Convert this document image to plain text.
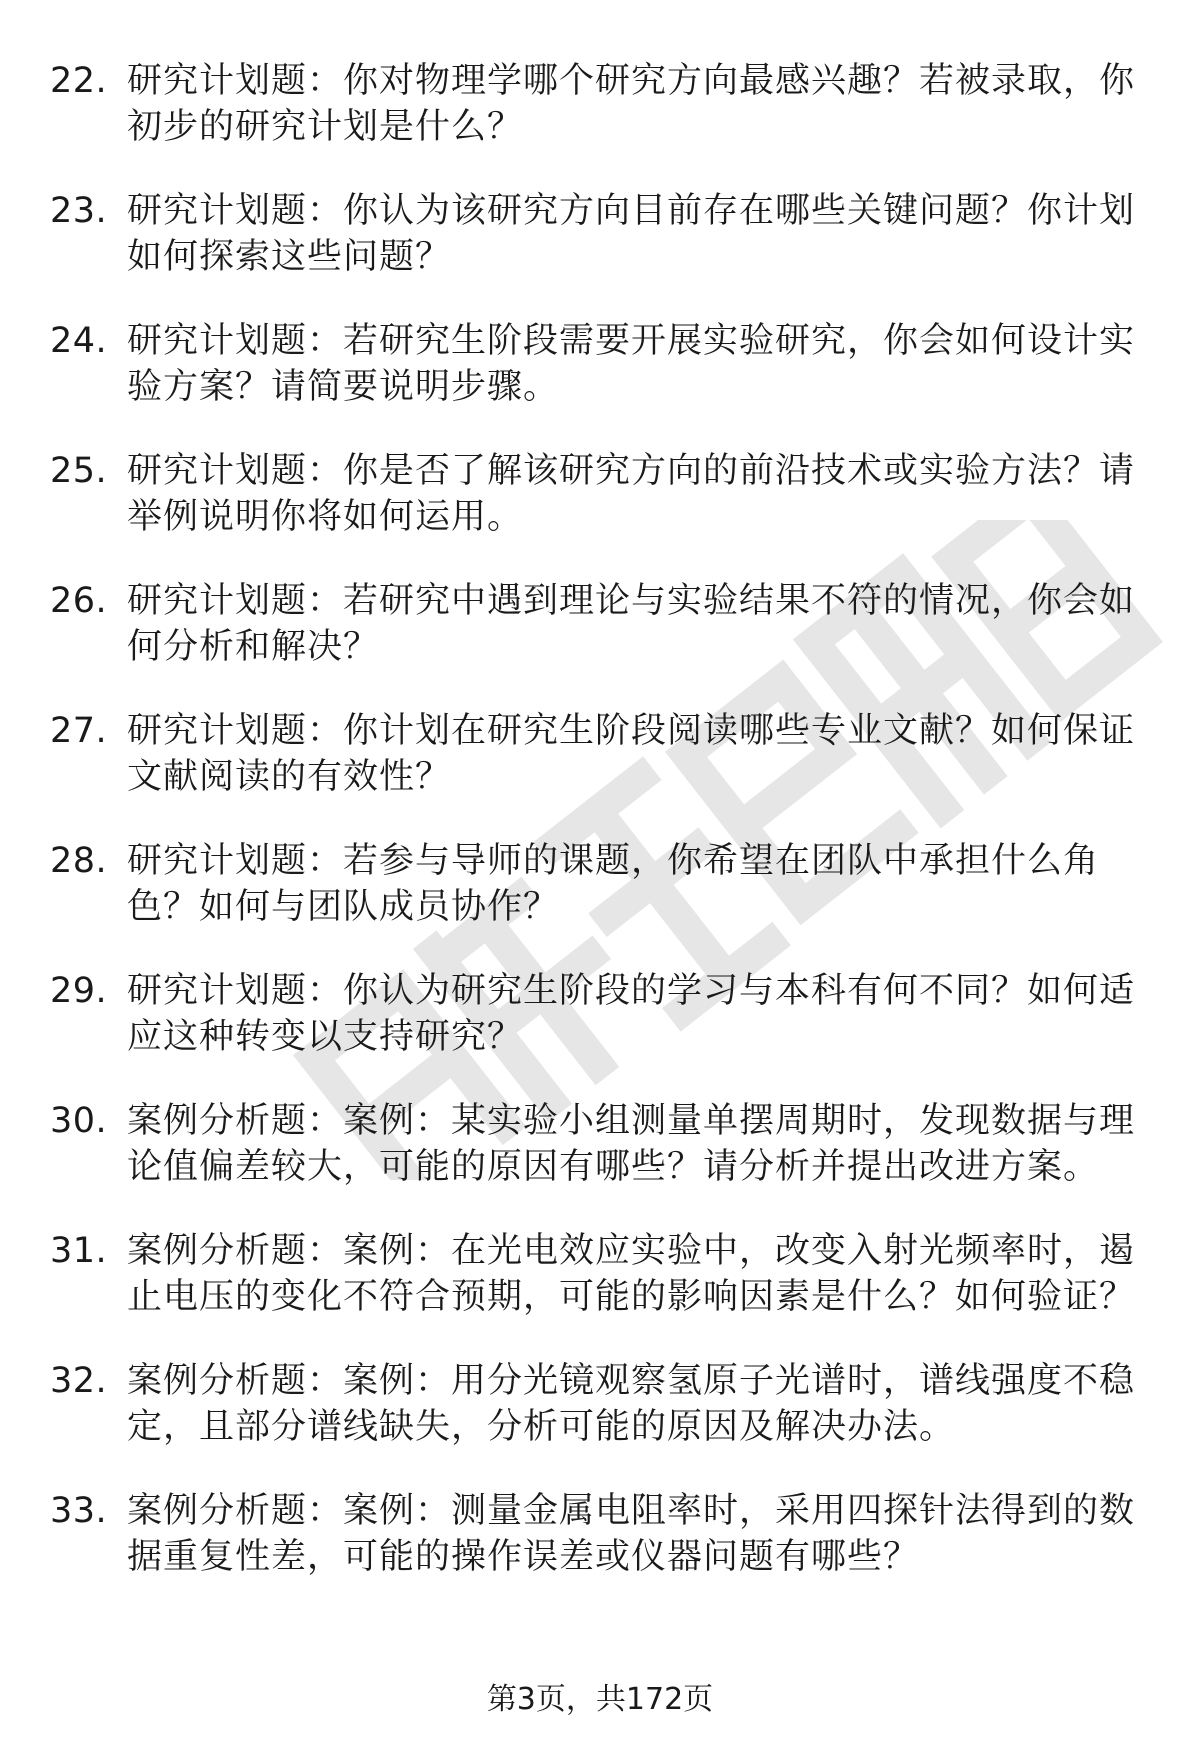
22. 研究计划题：你对物理学哪个研究方向最感兴趣？若被录取，你初步的研究计划是什么？
23. 研究计划题：你认为该研究方向目前存在哪些关键问题？你计划如何探索这些问题？
24. 研究计划题：若研究生阶段需要开展实验研究，你会如何设计实验方案？请简要说明步骤。
25. 研究计划题：你是否了解该研究方向的前沿技术或实验方法？请举例说明你将如何运用。
26. 研究计划题：若研究中遇到理论与实验结果不符的情况，你会如何分析和解决？
27. 研究计划题：你计划在研究生阶段阅读哪些专业文献？如何保证文献阅读的有效性？
28. 研究计划题：若参与导师的课题，你希望在团队中承担什么角色？如何与团队成员协作？
29. 研究计划题：你认为研究生阶段的学习与本科有何不同？如何适应这种转变以支持研究？
30. 案例分析题：案例：某实验小组测量单摆周期时，发现数据与理论值偏差较大，可能的原因有哪些？请分析并提出改进方案。
31. 案例分析题：案例：在光电效应实验中，改变入射光频率时，遏止电压的变化不符合预期，可能的影响因素是什么？如何验证？
32. 案例分析题：案例：用分光镜观察氢原子光谱时，谱线强度不稳定，且部分谱线缺失，分析可能的原因及解决办法。
33. 案例分析题：案例：测量金属电阻率时，采用四探针法得到的数据重复性差，可能的操作误差或仪器问题有哪些？
第3页，共172页
